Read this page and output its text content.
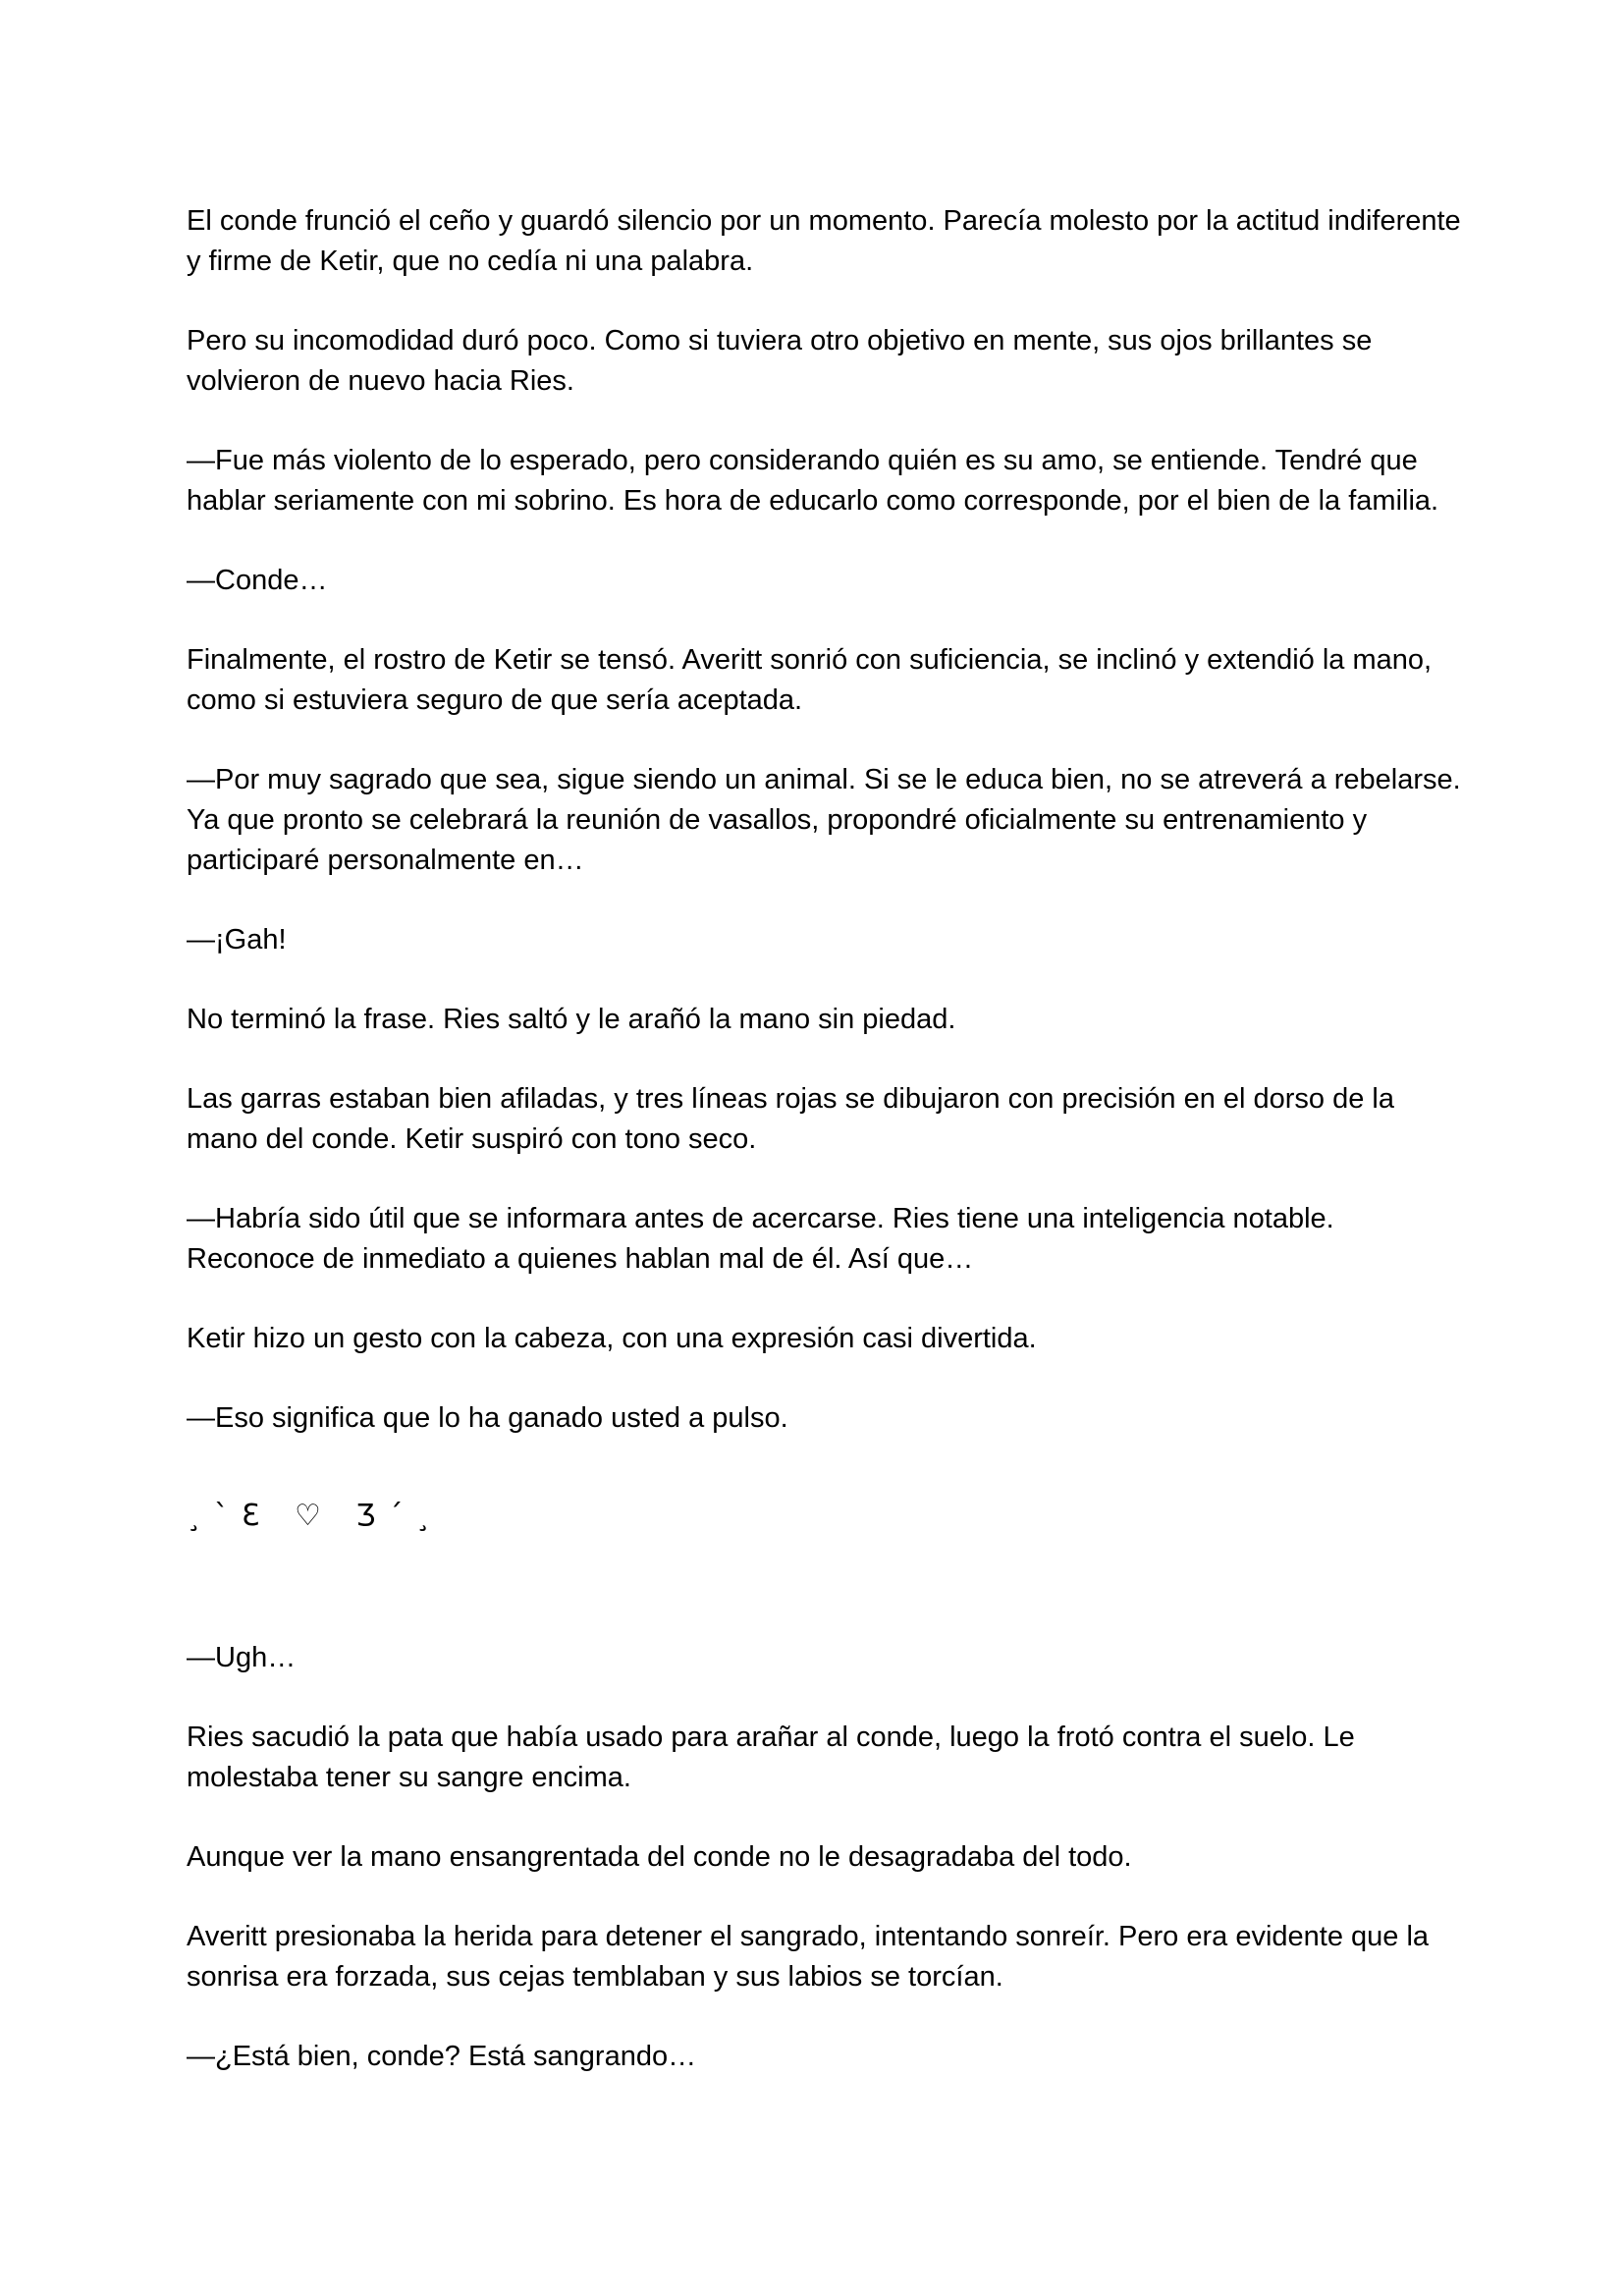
El conde frunció el ceño y guardó silencio por un momento. Parecía molesto por la actitud indiferente y firme de Ketir, que no cedía ni una palabra.

Pero su incomodidad duró poco. Como si tuviera otro objetivo en mente, sus ojos brillantes se volvieron de nuevo hacia Ries.

—Fue más violento de lo esperado, pero considerando quién es su amo, se entiende. Tendré que hablar seriamente con mi sobrino. Es hora de educarlo como corresponde, por el bien de la familia.

—Conde…

Finalmente, el rostro de Ketir se tensó. Averitt sonrió con suficiencia, se inclinó y extendió la mano, como si estuviera seguro de que sería aceptada.

—Por muy sagrado que sea, sigue siendo un animal. Si se le educa bien, no se atreverá a rebelarse. Ya que pronto se celebrará la reunión de vasallos, propondré oficialmente su entrenamiento y participaré personalmente en…

—¡Gah!

No terminó la frase. Ries saltó y le arañó la mano sin piedad.

Las garras estaban bien afiladas, y tres líneas rojas se dibujaron con precisión en el dorso de la mano del conde. Ketir suspiró con tono seco.

—Habría sido útil que se informara antes de acercarse. Ries tiene una inteligencia notable. Reconoce de inmediato a quienes hablan mal de él. Así que…

Ketir hizo un gesto con la cabeza, con una expresión casi divertida.

—Eso significa que lo ha ganado usted a pulso.

¸`Ɛ ♡ Ʒ´¸

—Ugh…

Ries sacudió la pata que había usado para arañar al conde, luego la frotó contra el suelo. Le molestaba tener su sangre encima.

Aunque ver la mano ensangrentada del conde no le desagradaba del todo.

Averitt presionaba la herida para detener el sangrado, intentando sonreír. Pero era evidente que la sonrisa era forzada, sus cejas temblaban y sus labios se torcían.

—¿Está bien, conde? Está sangrando…
